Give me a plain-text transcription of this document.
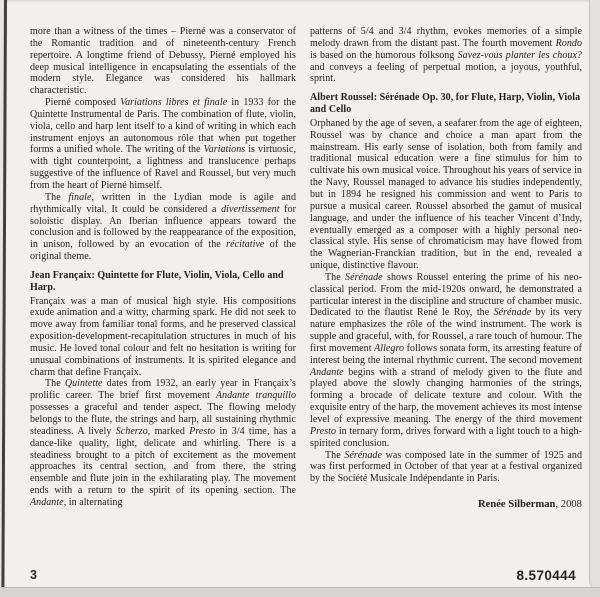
more than a witness of the times – Pierné was a conservator of the Romantic tradition and of nineteenth-century French repertoire. A longtime friend of Debussy, Pierné employed his deep musical intelligence in encapsulating the essentials of the modern style. Elegance was considered his hallmark characteristic.

Pierné composed Variations libres et finale in 1933 for the Quintette Instrumental de Paris. The combination of flute, violin, viola, cello and harp lent itself to a kind of writing in which each instrument enjoys an autonomous rôle that when put together forms a unified whole. The writing of the Variations is virtuosic, with tight counterpoint, a lightness and translucence perhaps suggestive of the influence of Ravel and Roussel, but very much from the heart of Pierné himself.

The finale, written in the Lydian mode is agile and rhythmically vital. It could be considered a divertissement for soloistic display. An Iberian influence appears toward the conclusion and is followed by the reappearance of the exposition, in unison, followed by an evocation of the récitative of the original theme.

Jean Françaix: Quintette for Flute, Violin, Viola, Cello and Harp.

Françaix was a man of musical high style. His compositions exude animation and a witty, charming spark. He did not seek to move away from familiar tonal forms, and he preserved classical exposition-development-recapitulation structures in much of his music. He loved tonal colour and felt no hesitation is writing for unusual combinations of instruments. It is spirited elegance and charm that define Françaix.

The Quintette dates from 1932, an early year in Françaix’s prolific career. The brief first movement Andante tranquillo possesses a graceful and tender aspect. The flowing melody belongs to the flute, the strings and harp, all sustaining rhythmic steadiness. A lively Scherzo, marked Presto in 3/4 time, has a dance-like quality, light, delicate and whirling. There is a steadiness brought to a pitch of excitement as the movement approaches its central section, and from there, the string ensemble and flute join in the exhilarating play. The movement ends with a return to the spirit of its opening section. The Andante, in alternating

patterns of 5/4 and 3/4 rhythm, evokes memories of a simple melody drawn from the distant past. The fourth movement Rondo is based on the humorous folksong Savez-vous planter les choux? and conveys a feeling of perpetual motion, a joyous, youthful, sprint.

Albert Roussel: Sérénade Op. 30, for Flute, Harp, Violin, Viola and Cello

Orphaned by the age of seven, a seafarer from the age of eighteen, Roussel was by chance and choice a man apart from the mainstream. His early sense of isolation, both from family and traditional musical education were a fine stimulus for him to cultivate his own musical voice. Throughout his years of service in the Navy, Roussel managed to advance his studies independently, but in 1894 he resigned his commission and went to Paris to pursue a musical career. Roussel absorbed the gamut of musical language, and under the influence of his teacher Vincent d’Indy, eventually emerged as a composer with a highly personal neo-classical style. His sense of chromaticism may have flowed from the Wagnerian-Franckian tradition, but in the end, revealed a unique, distinctive flavour.

The Sérénade shows Roussel entering the prime of his neo-classical period. From the mid-1920s onward, he demonstrated a particular interest in the discipline and structure of chamber music. Dedicated to the flautist René le Roy, the Sérénade by its very nature emphasizes the rôle of the wind instrument. The work is supple and graceful, with, for Roussel, a rare touch of humour. The first movement Allegro follows sonata form, its arresting feature of interest being the internal rhythmic current. The second movement Andante begins with a strand of melody given to the flute and played above the slowly changing harmonies of the strings, forming a brocade of delicate texture and colour. With the exquisite entry of the harp, the movement achieves its most intense level of expressive meaning. The energy of the third movement Presto in ternary form, drives forward with a light touch to a high-spirited conclusion.

The Sérénade was composed late in the summer of 1925 and was first performed in October of that year at a festival organized by the Société Musicale Indépendante in Paris.

Renée Silberman, 2008

3	8.570444
